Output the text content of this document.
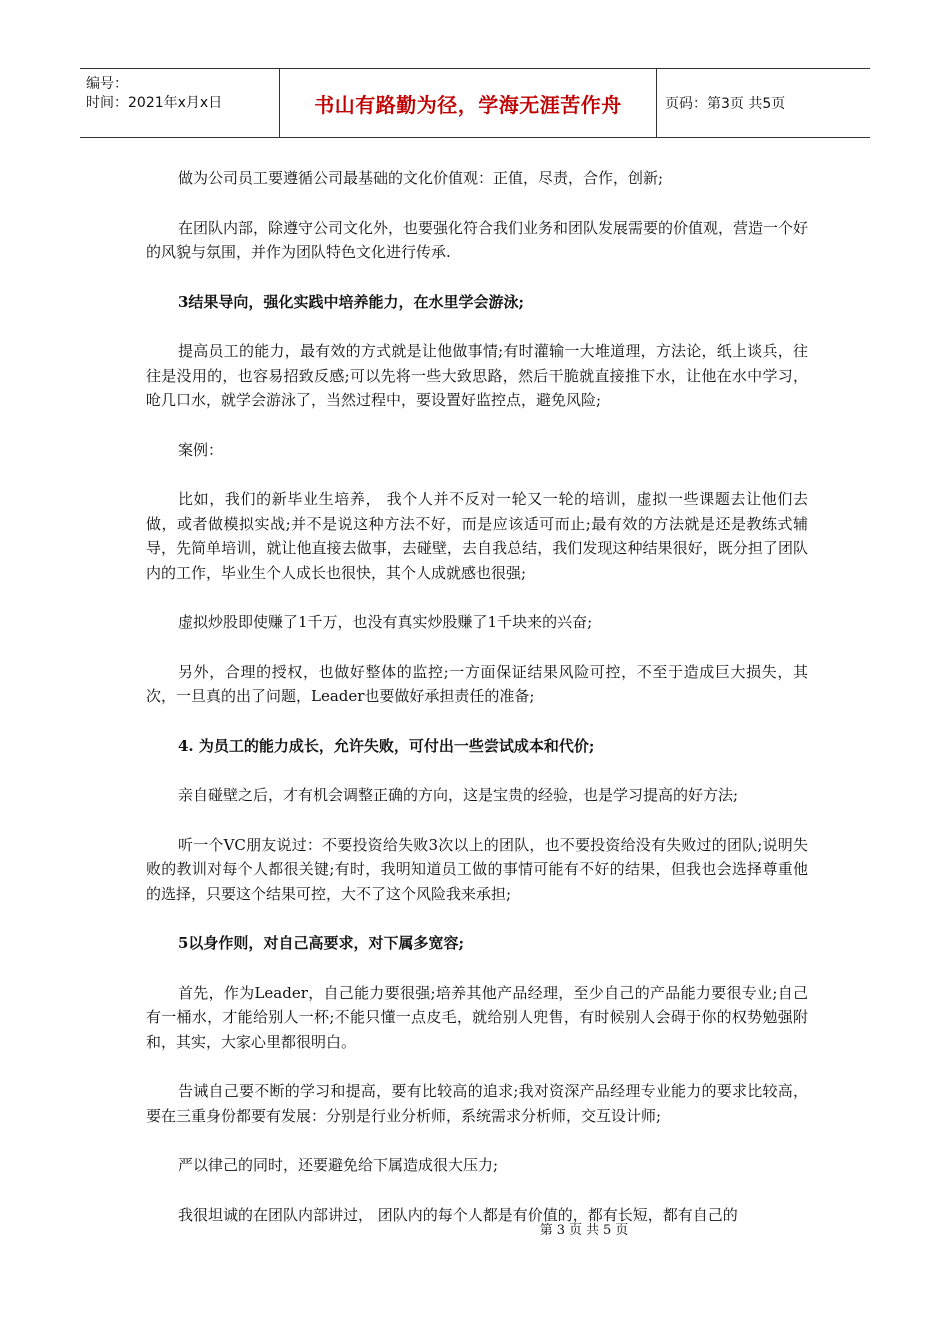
编号：
时间：2021年x月x日	书山有路勤为径，学海无涯苦作舟	页码：第3页 共5页

做为公司员工要遵循公司最基础的文化价值观：正值，尽责，合作，创新;

在团队内部，除遵守公司文化外，也要强化符合我们业务和团队发展需要的价值观，营造一个好的风貌与氛围，并作为团队特色文化进行传承.

3结果导向，强化实践中培养能力，在水里学会游泳;

提高员工的能力，最有效的方式就是让他做事情;有时灌输一大堆道理，方法论，纸上谈兵，往往是没用的，也容易招致反感;可以先将一些大致思路，然后干脆就直接推下水，让他在水中学习，呛几口水，就学会游泳了，当然过程中，要设置好监控点，避免风险;

案例：

比如，我们的新毕业生培养， 我个人并不反对一轮又一轮的培训，虚拟一些课题去让他们去做，或者做模拟实战;并不是说这种方法不好，而是应该适可而止;最有效的方法就是还是教练式辅 导，先简单培训，就让他直接去做事，去碰壁，去自我总结，我们发现这种结果很好，既分担了团队内的工作，毕业生个人成长也很快，其个人成就感也很强;

虚拟炒股即使赚了1千万，也没有真实炒股赚了1千块来的兴奋;

另外，合理的授权，也做好整体的监控;一方面保证结果风险可控，不至于造成巨大损失，其次，一旦真的出了问题，Leader也要做好承担责任的准备;

4. 为员工的能力成长，允许失败，可付出一些尝试成本和代价;

亲自碰壁之后，才有机会调整正确的方向，这是宝贵的经验，也是学习提高的好方法;

听一个VC朋友说过：不要投资给失败3次以上的团队，也不要投资给没有失败过的团队;说明失败的教训对每个人都很关键;有时，我明知道员工做的事情可能有不好的结果，但我也会选择尊重他的选择，只要这个结果可控，大不了这个风险我来承担;

5以身作则，对自己高要求，对下属多宽容;

首先，作为Leader，自己能力要很强;培养其他产品经理，至少自己的产品能力要很专业;自己有一桶水，才能给别人一杯;不能只懂一点皮毛，就给别人兜售，有时候别人会碍于你的权势勉强附和，其实，大家心里都很明白。

告诫自己要不断的学习和提高，要有比较高的追求;我对资深产品经理专业能力的要求比较高，要在三重身份都要有发展：分别是行业分析师，系统需求分析师，交互设计师;

严以律己的同时，还要避免给下属造成很大压力;

我很坦诚的在团队内部讲过， 团队内的每个人都是有价值的，都有长短，都有自己的

第3页共5页
